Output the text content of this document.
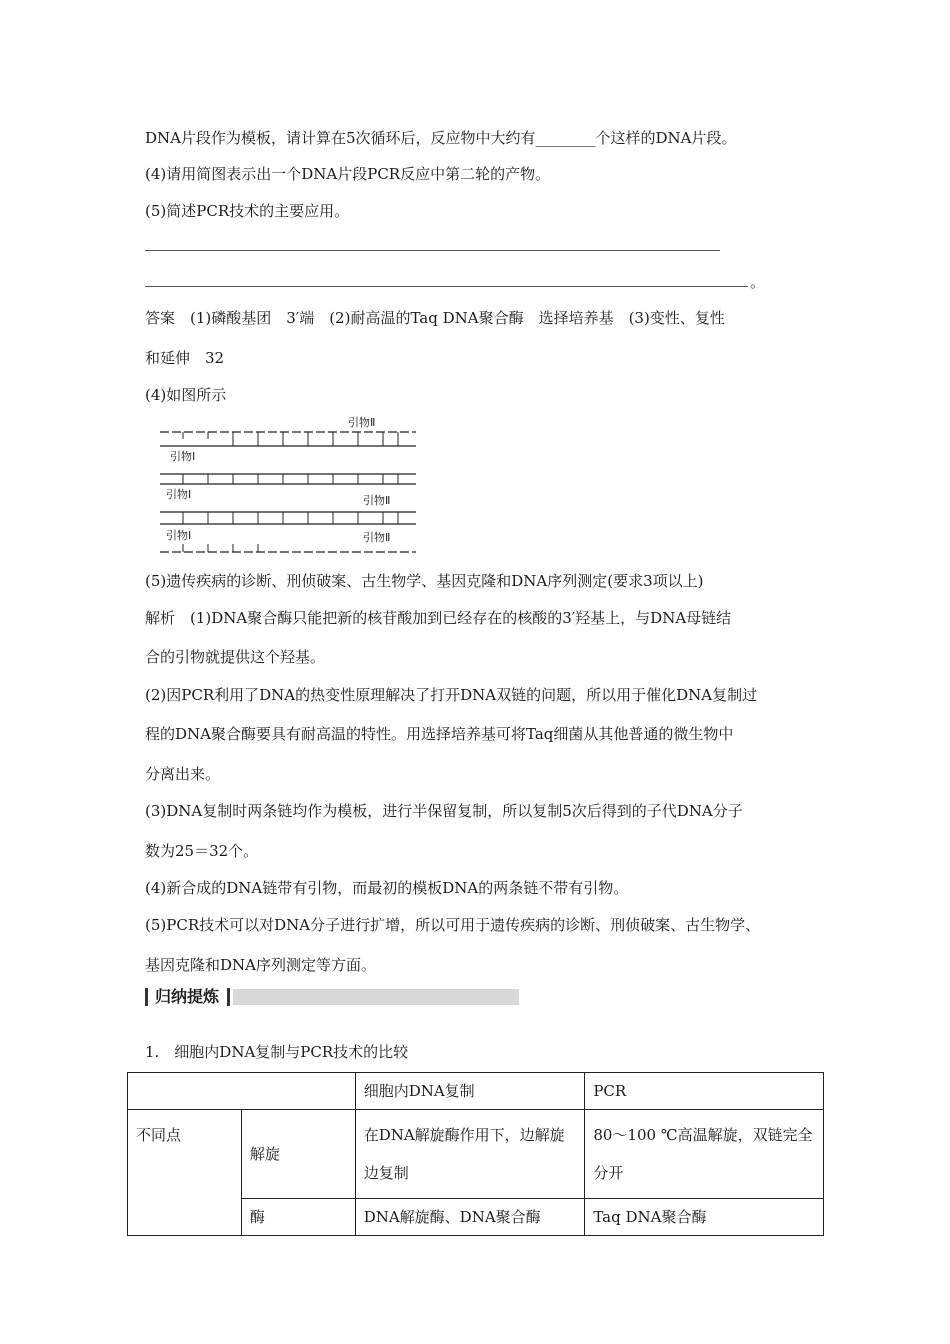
DNA片段作为模板，请计算在5次循环后，反应物中大约有________个这样的DNA片段。
(4)请用简图表示出一个DNA片段PCR反应中第二轮的产物。
(5)简述PCR技术的主要应用。
。
答案　(1)磷酸基团　3′端　(2)耐高温的Taq DNA聚合酶　选择培养基　(3)变性、复性
和延伸　32
(4)如图所示
引物Ⅱ
引物Ⅰ
引物Ⅰ	引物Ⅱ
引物Ⅰ	引物Ⅱ
(5)遗传疾病的诊断、刑侦破案、古生物学、基因克隆和DNA序列测定(要求3项以上)
解析　(1)DNA聚合酶只能把新的核苷酸加到已经存在的核酸的3′羟基上，与DNA母链结
合的引物就提供这个羟基。
(2)因PCR利用了DNA的热变性原理解决了打开DNA双链的问题，所以用于催化DNA复制过
程的DNA聚合酶要具有耐高温的特性。用选择培养基可将Taq细菌从其他普通的微生物中
分离出来。
(3)DNA复制时两条链均作为模板，进行半保留复制，所以复制5次后得到的子代DNA分子
数为25＝32个。
(4)新合成的DNA链带有引物，而最初的模板DNA的两条链不带有引物。
(5)PCR技术可以对DNA分子进行扩增，所以可用于遗传疾病的诊断、刑侦破案、古生物学、
基因克隆和DNA序列测定等方面。
归纳提炼
1.　细胞内DNA复制与PCR技术的比较
		细胞内DNA复制	PCR
不同点	解旋	在DNA解旋酶作用下，边解旋边复制	80～100 ℃高温解旋，双链完全分开
	酶	DNA解旋酶、DNA聚合酶	Taq DNA聚合酶
